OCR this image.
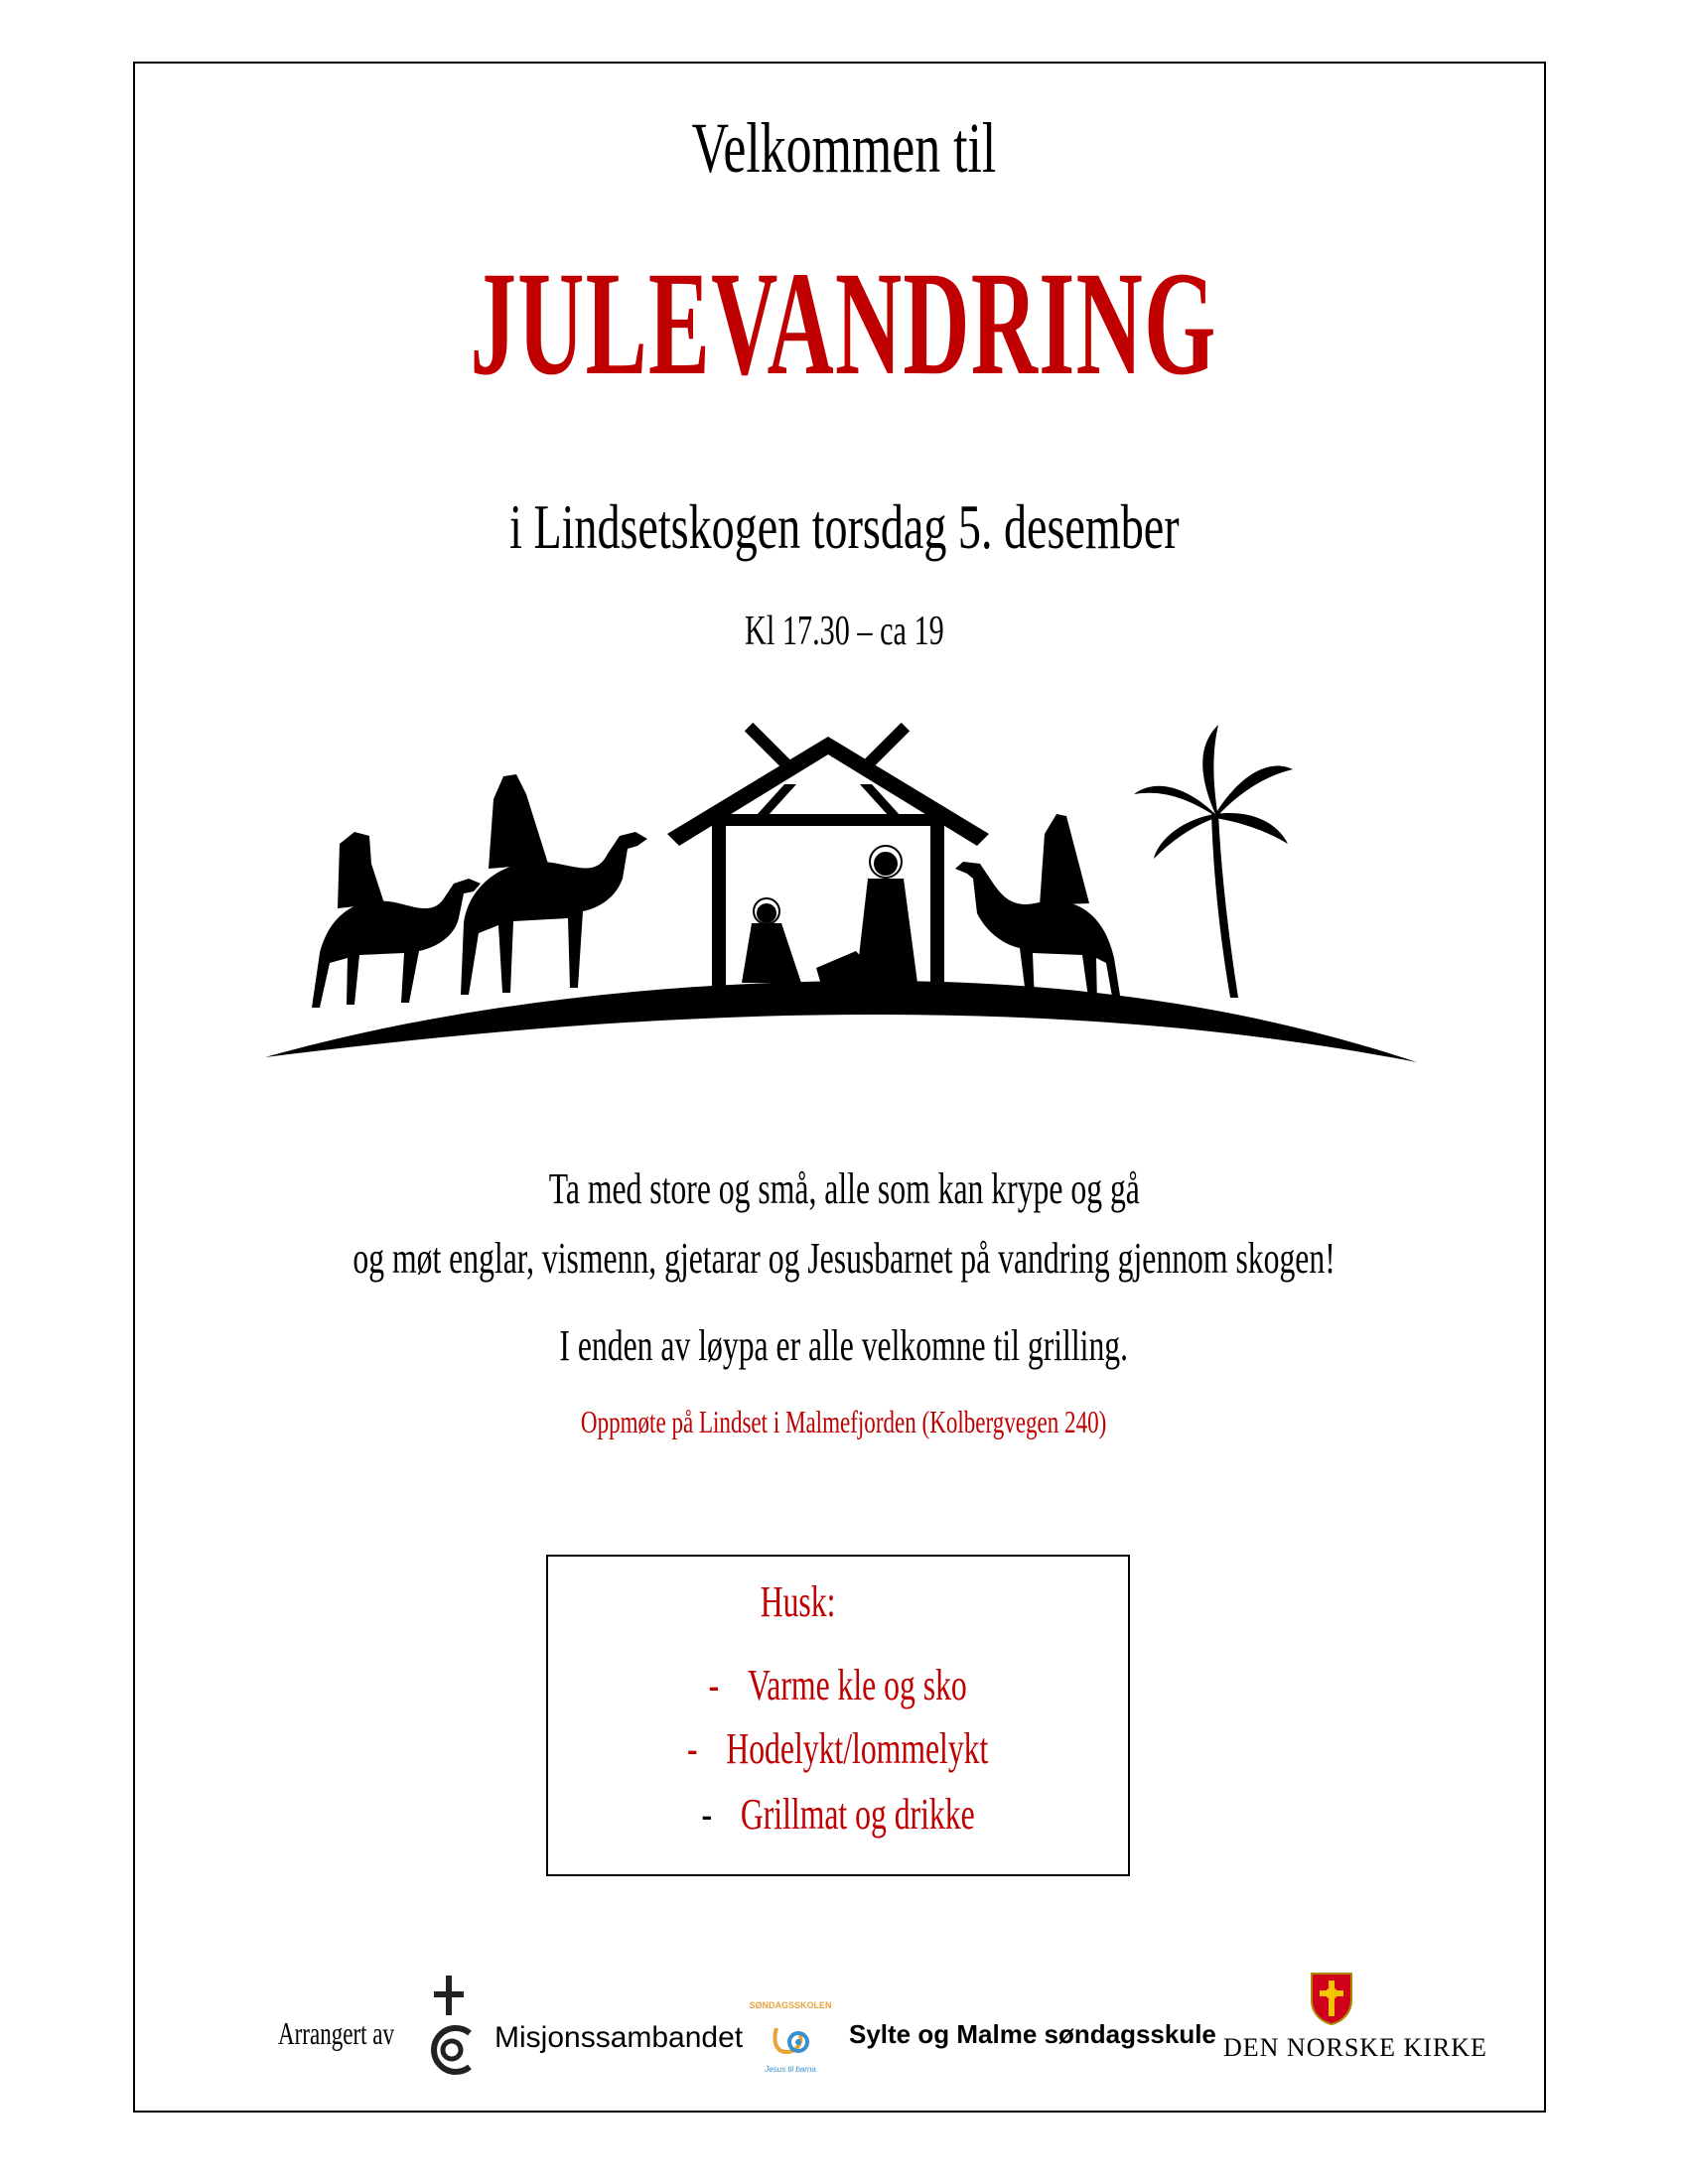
Velkommen til
JULEVANDRING
i Lindsetskogen torsdag 5. desember
Kl 17.30 – ca 19
Ta med store og små, alle som kan krype og gå
og møt englar, vismenn, gjetarar og Jesusbarnet på vandring gjennom skogen!
I enden av løypa er alle velkomne til grilling.
Oppmøte på Lindset i Malmefjorden (Kolbergvegen 240)
Husk:
- Varme kle og sko
- Hodelykt/lommelykt
- Grillmat og drikke
Arrangert av	Misjonssambandet
SØNDAGSSKOLEN
Jesus til barna
Sylte og Malme søndagsskule DEN NORSKE KIRKE
